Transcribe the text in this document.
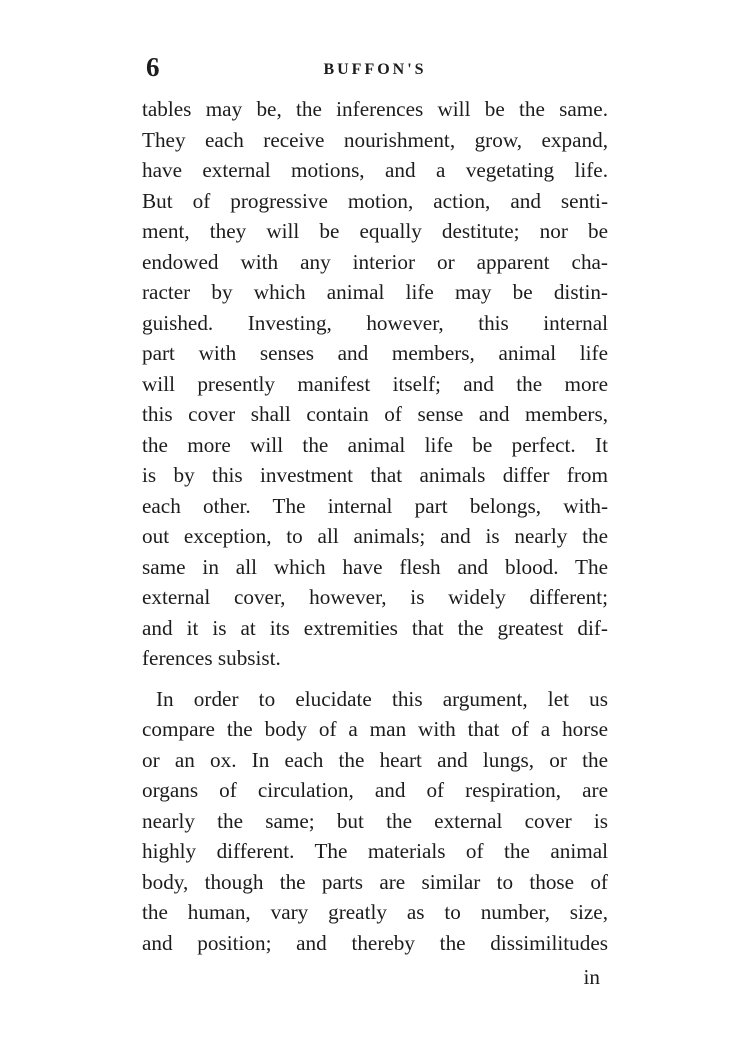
6	BUFFON'S
tables may be, the inferences will be the same.
They each receive nourishment, grow, expand,
have external motions, and a vegetating life.
But of progressive motion, action, and senti-
ment, they will be equally destitute; nor be
endowed with any interior or apparent cha-
racter by which animal life may be distin-
guished. Investing, however, this internal
part with senses and members, animal life
will presently manifest itself; and the more
this cover shall contain of sense and members,
the more will the animal life be perfect. It
is by this investment that animals differ from
each other. The internal part belongs, with-
out exception, to all animals; and is nearly the
same in all which have flesh and blood. The
external cover, however, is widely different;
and it is at its extremities that the greatest dif-
ferences subsist.
In order to elucidate this argument, let us
compare the body of a man with that of a horse
or an ox. In each the heart and lungs, or the
organs of circulation, and of respiration, are
nearly the same; but the external cover is
highly different. The materials of the animal
body, though the parts are similar to those of
the human, vary greatly as to number, size,
and position; and thereby the dissimilitudes
in
